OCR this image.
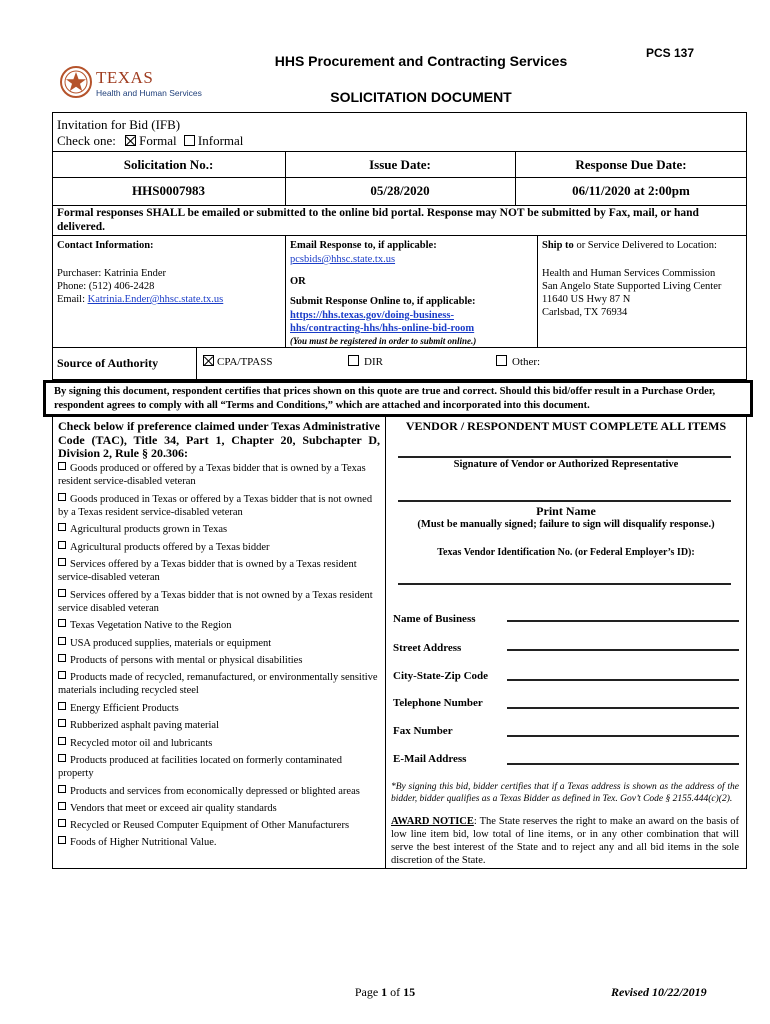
PCS 137
TEXAS
Health and Human Services
HHS Procurement and Contracting Services
SOLICITATION DOCUMENT
Invitation for Bid (IFB)
Check one: Formal Informal
Solicitation No.:	Issue Date:	Response Due Date:
HHS0007983	05/28/2020	06/11/2020 at 2:00pm
Formal responses SHALL be emailed or submitted to the online bid portal. Response may NOT be submitted by Fax, mail, or hand delivered.
Contact Information:
Purchaser: Katrinia Ender
Phone: (512) 406-2428
Email: Katrinia.Ender@hhsc.state.tx.us
Email Response to, if applicable:
pcsbids@hhsc.state.tx.us
OR
Submit Response Online to, if applicable:
https://hhs.texas.gov/doing-business-
hhs/contracting-hhs/hhs-online-bid-room
(You must be registered in order to submit online.)
Ship to or Service Delivered to Location:
Health and Human Services Commission
San Angelo State Supported Living Center
11640 US Hwy 87 N
Carlsbad, TX 76934
Source of Authority	CPA/TPASS	DIR	Other:
By signing this document, respondent certifies that prices shown on this quote are true and correct. Should this bid/offer result in a Purchase Order, respondent agrees to comply with all “Terms and Conditions,” which are attached and incorporated into this document.
Check below if preference claimed under Texas Administrative Code (TAC), Title 34, Part 1, Chapter 20, Subchapter D, Division 2, Rule § 20.306:
Goods produced or offered by a Texas bidder that is owned by a Texas resident service-disabled veteran
Goods produced in Texas or offered by a Texas bidder that is not owned by a Texas resident service-disabled veteran
Agricultural products grown in Texas
Agricultural products offered by a Texas bidder
Services offered by a Texas bidder that is owned by a Texas resident service-disabled veteran
Services offered by a Texas bidder that is not owned by a Texas resident service disabled veteran
Texas Vegetation Native to the Region
USA produced supplies, materials or equipment
Products of persons with mental or physical disabilities
Products made of recycled, remanufactured, or environmentally sensitive materials including recycled steel
Energy Efficient Products
Rubberized asphalt paving material
Recycled motor oil and lubricants
Products produced at facilities located on formerly contaminated property
Products and services from economically depressed or blighted areas
Vendors that meet or exceed air quality standards
Recycled or Reused Computer Equipment of Other Manufacturers
Foods of Higher Nutritional Value.
VENDOR / RESPONDENT MUST COMPLETE ALL ITEMS
Signature of Vendor or Authorized Representative
Print Name
(Must be manually signed; failure to sign will disqualify response.)
Texas Vendor Identification No. (or Federal Employer’s ID):
Name of Business
Street Address
City-State-Zip Code
Telephone Number
Fax Number
E-Mail Address
*By signing this bid, bidder certifies that if a Texas address is shown as the address of the bidder, bidder qualifies as a Texas Bidder as defined in Tex. Gov’t Code § 2155.444(c)(2).
AWARD NOTICE: The State reserves the right to make an award on the basis of low line item bid, low total of line items, or in any other combination that will serve the best interest of the State and to reject any and all bid items in the sole discretion of the State.
Page 1 of 15	Revised 10/22/2019
